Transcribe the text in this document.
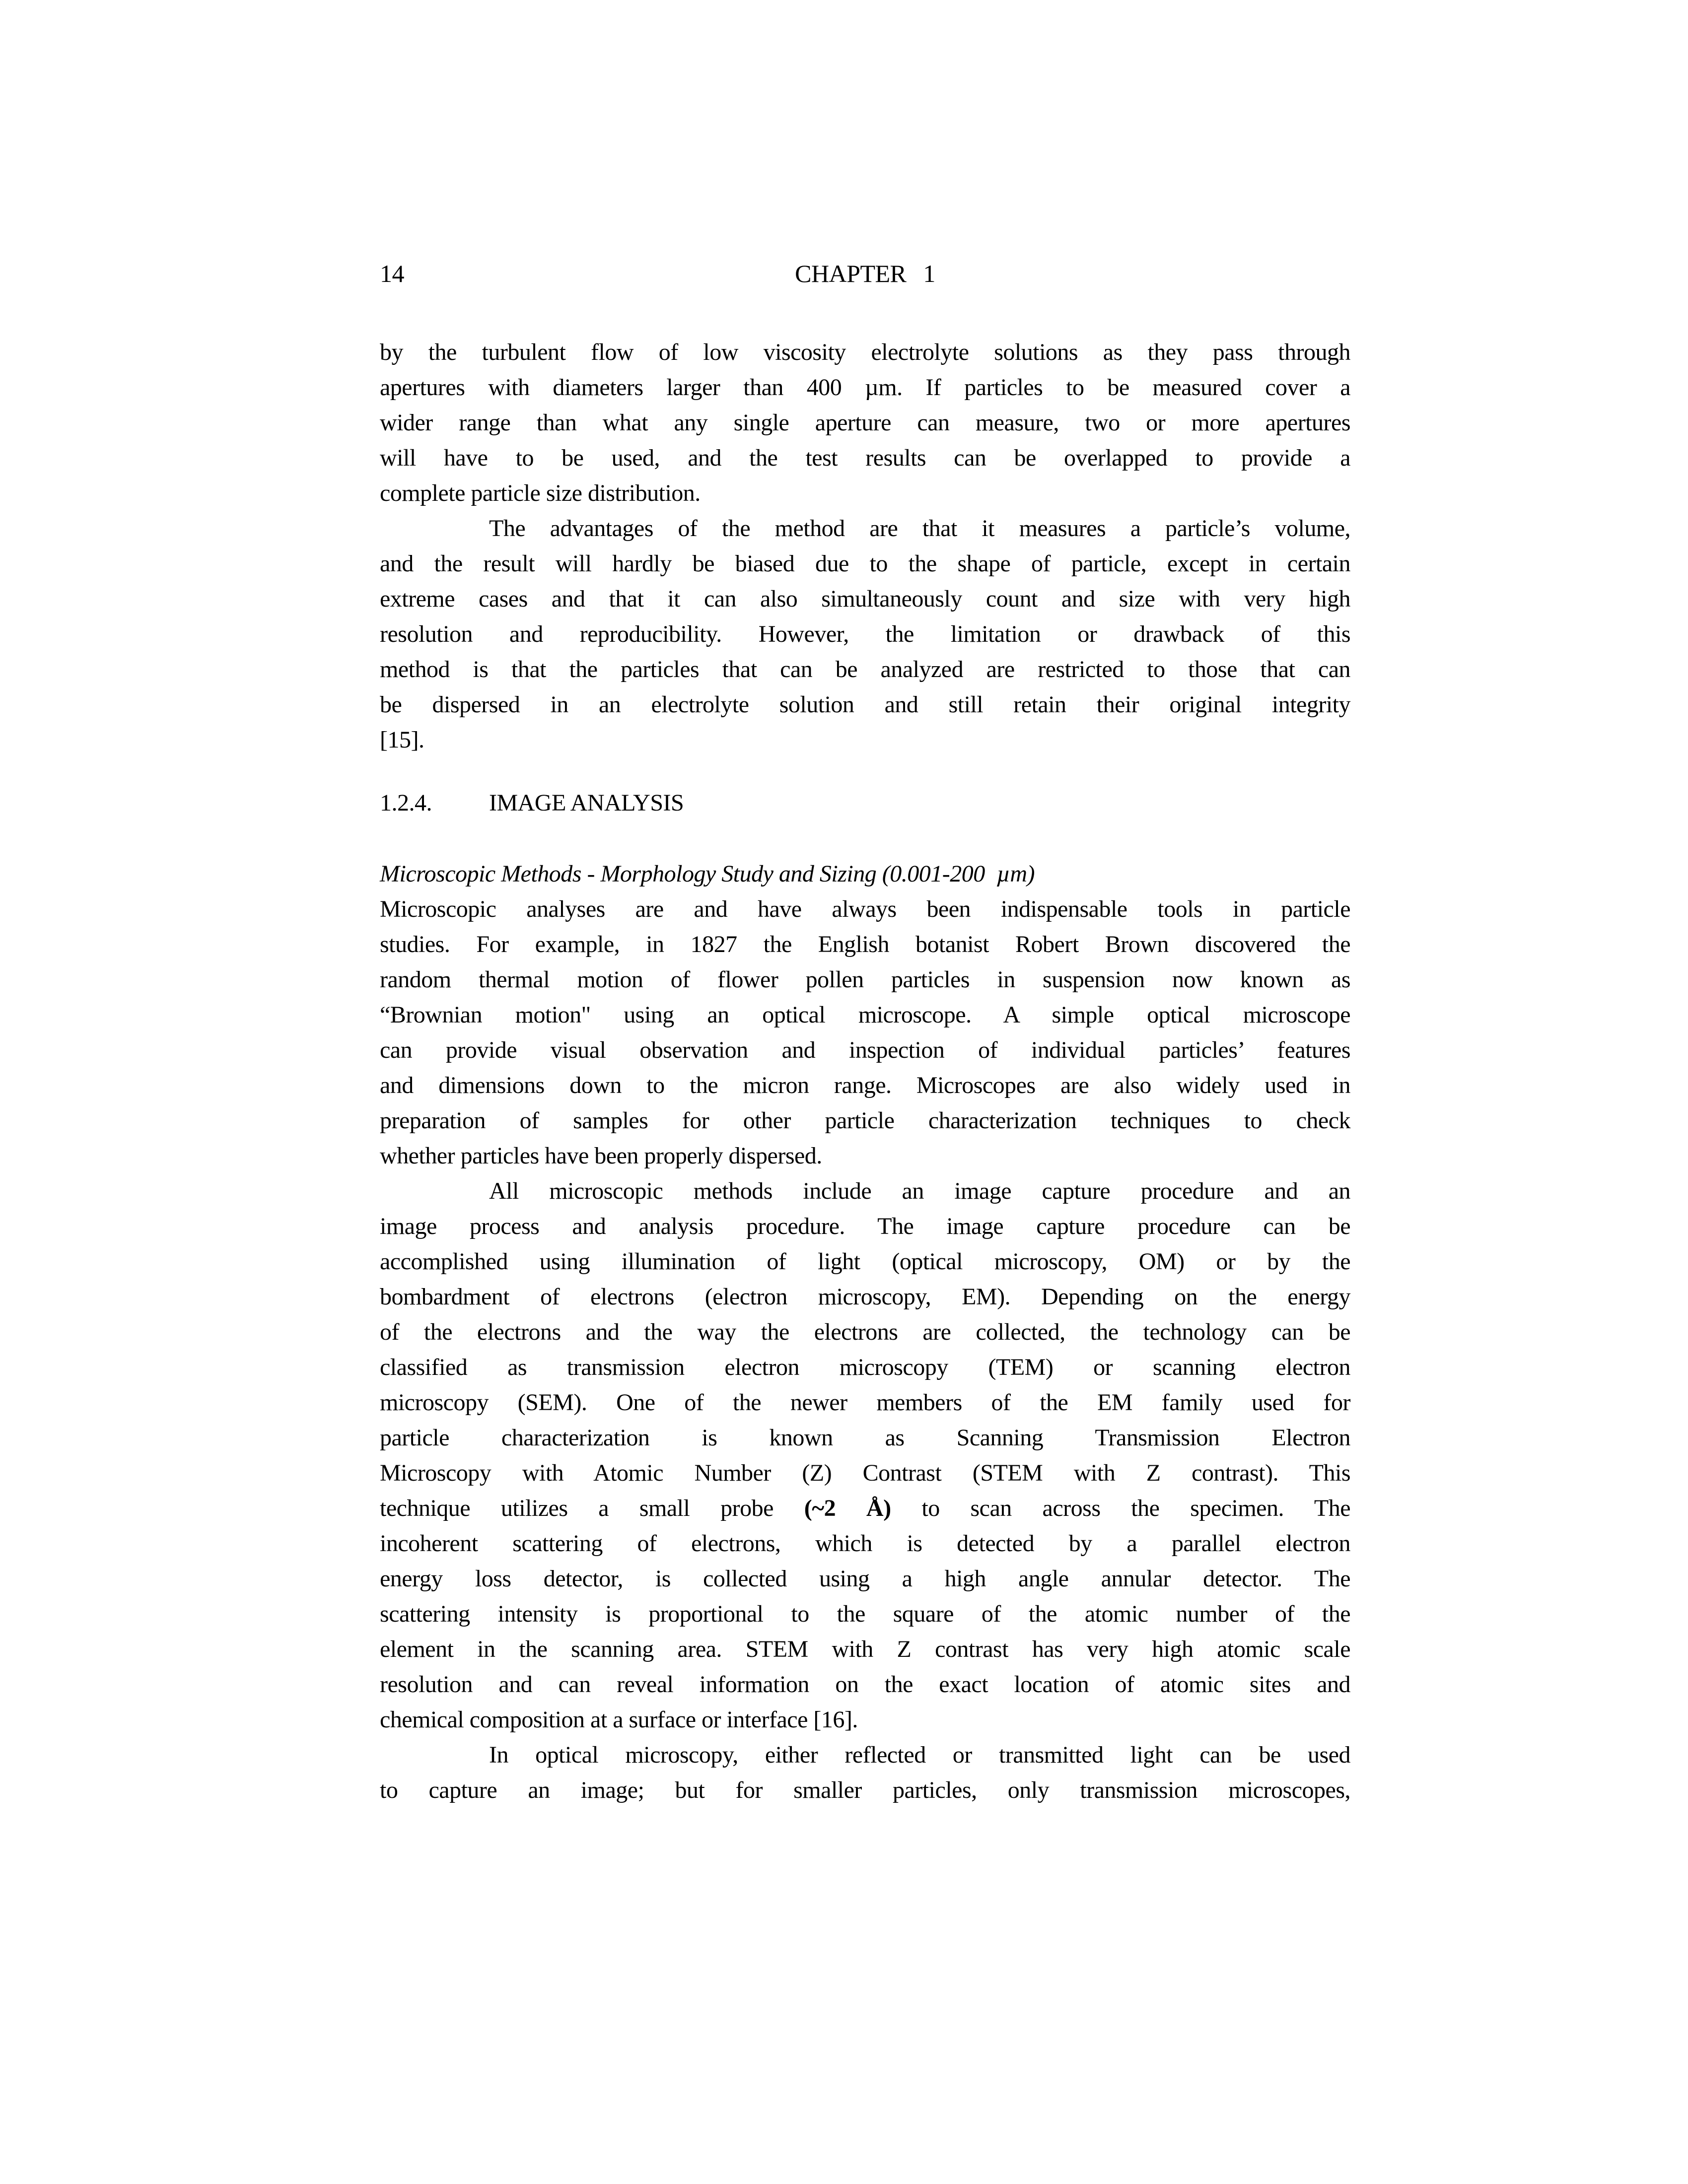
14	CHAPTER 1
by the turbulent flow of low viscosity electrolyte solutions as they pass through
apertures with diameters larger than 400 µm. If particles to be measured cover a
wider range than what any single aperture can measure, two or more apertures
will have to be used, and the test results can be overlapped to provide a
complete particle size distribution.
The advantages of the method are that it measures a particle’s volume,
and the result will hardly be biased due to the shape of particle, except in certain
extreme cases and that it can also simultaneously count and size with very high
resolution and reproducibility. However, the limitation or drawback of this
method is that the particles that can be analyzed are restricted to those that can
be dispersed in an electrolyte solution and still retain their original integrity
[15].
1.2.4. IMAGE ANALYSIS
Microscopic Methods - Morphology Study and Sizing (0.001-200 µm)
Microscopic analyses are and have always been indispensable tools in particle
studies. For example, in 1827 the English botanist Robert Brown discovered the
random thermal motion of flower pollen particles in suspension now known as
“Brownian motion" using an optical microscope. A simple optical microscope
can provide visual observation and inspection of individual particles’ features
and dimensions down to the micron range. Microscopes are also widely used in
preparation of samples for other particle characterization techniques to check
whether particles have been properly dispersed.
All microscopic methods include an image capture procedure and an
image process and analysis procedure. The image capture procedure can be
accomplished using illumination of light (optical microscopy, OM) or by the
bombardment of electrons (electron microscopy, EM). Depending on the energy
of the electrons and the way the electrons are collected, the technology can be
classified as transmission electron microscopy (TEM) or scanning electron
microscopy (SEM). One of the newer members of the EM family used for
particle characterization is known as Scanning Transmission Electron
Microscopy with Atomic Number (Z) Contrast (STEM with Z contrast). This
technique utilizes a small probe (~2 Å) to scan across the specimen. The
incoherent scattering of electrons, which is detected by a parallel electron
energy loss detector, is collected using a high angle annular detector. The
scattering intensity is proportional to the square of the atomic number of the
element in the scanning area. STEM with Z contrast has very high atomic scale
resolution and can reveal information on the exact location of atomic sites and
chemical composition at a surface or interface [16].
In optical microscopy, either reflected or transmitted light can be used
to capture an image; but for smaller particles, only transmission microscopes,
